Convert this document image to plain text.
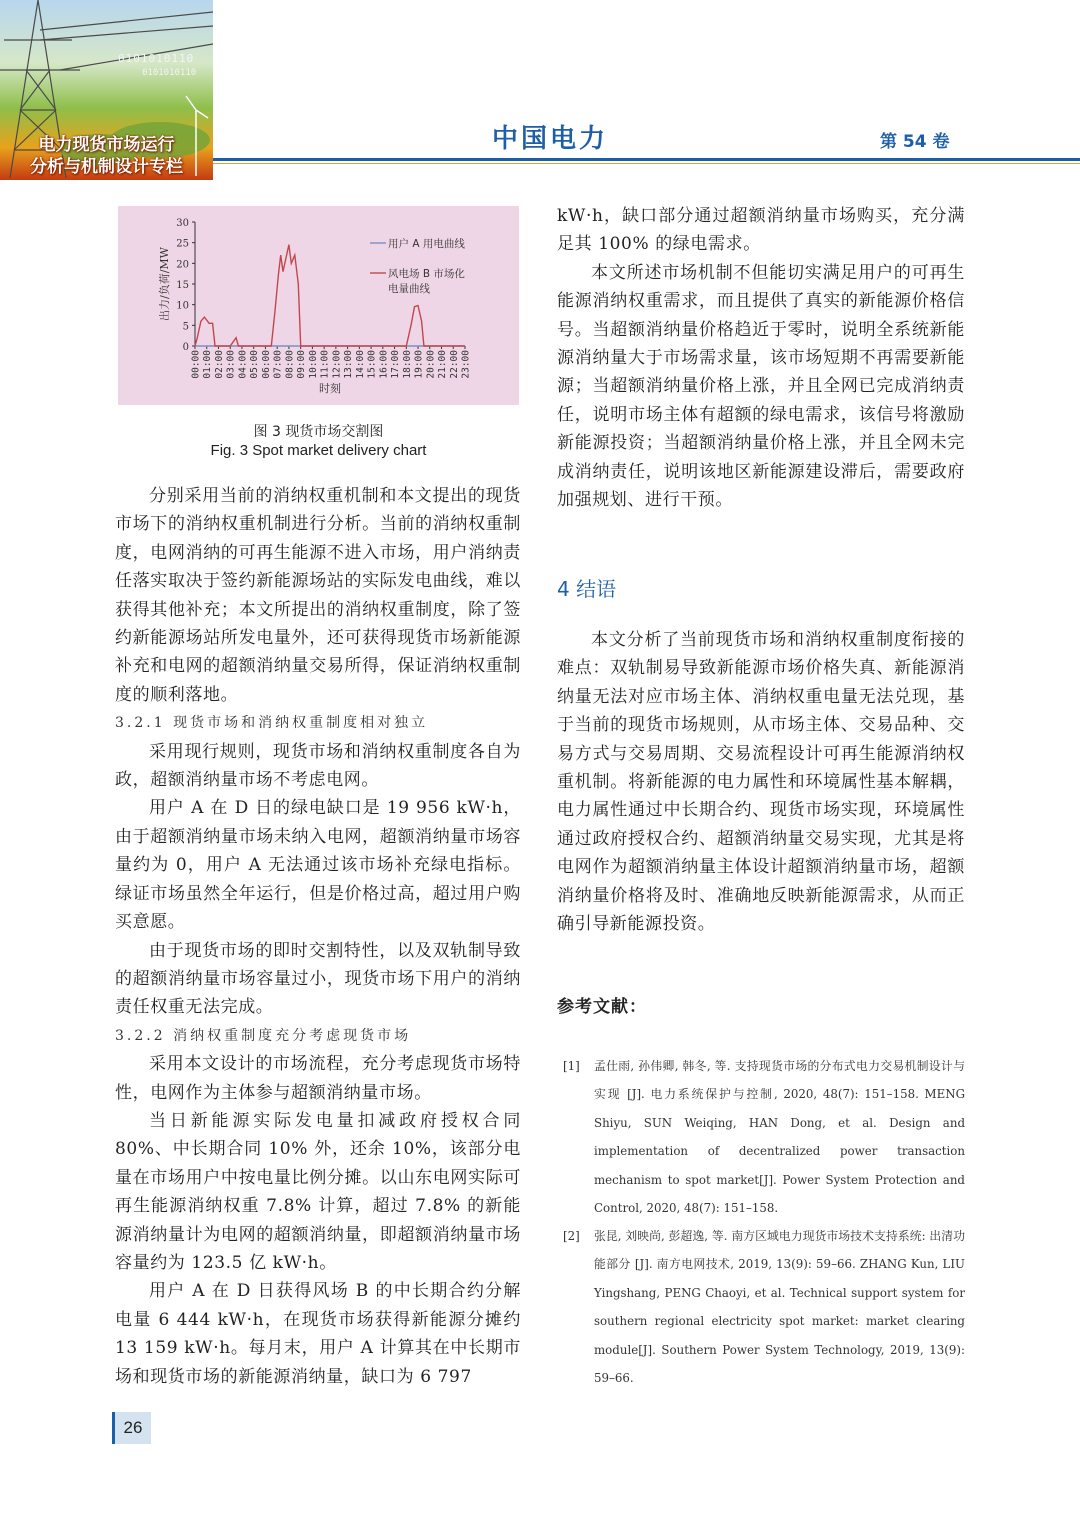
0101010110
0101010110
电力现货市场运行
分析与机制设计专栏
中国电力	第 54 卷
0
5
10
15
20
25
30
00:00 01:00 02:00 03:00 04:00 05:00 06:00 07:00 08:00 09:00 10:00 11:00 12:00 13:00 14:00 15:00 16:00 17:00 18:00 19:00 20:00 21:00 22:00 23:00
出力/负荷/MW
时刻
用户 A 用电曲线
风电场 B 市场化
电量曲线
图 3 现货市场交割图
Fig. 3 Spot market delivery chart

分别采用当前的消纳权重机制和本文提出的现货市场下的消纳权重机制进行分析。当前的消纳权重制度，电网消纳的可再生能源不进入市场，用户消纳责任落实取决于签约新能源场站的实际发电曲线，难以获得其他补充；本文所提出的消纳权重制度，除了签约新能源场站所发电量外，还可获得现货市场新能源补充和电网的超额消纳量交易所得，保证消纳权重制度的顺利落地。

3.2.1 现货市场和消纳权重制度相对独立

采用现行规则，现货市场和消纳权重制度各自为政，超额消纳量市场不考虑电网。

用户 A 在 D 日的绿电缺口是 19 956 kW·h，由于超额消纳量市场未纳入电网，超额消纳量市场容量约为 0，用户 A 无法通过该市场补充绿电指标。绿证市场虽然全年运行，但是价格过高，超过用户购买意愿。

由于现货市场的即时交割特性，以及双轨制导致的超额消纳量市场容量过小，现货市场下用户的消纳责任权重无法完成。

3.2.2 消纳权重制度充分考虑现货市场

采用本文设计的市场流程，充分考虑现货市场特性，电网作为主体参与超额消纳量市场。

当日新能源实际发电量扣减政府授权合同 80%、中长期合同 10% 外，还余 10%，该部分电量在市场用户中按电量比例分摊。以山东电网实际可再生能源消纳权重 7.8% 计算，超过 7.8% 的新能源消纳量计为电网的超额消纳量，即超额消纳量市场容量约为 123.5 亿 kW·h。

用户 A 在 D 日获得风场 B 的中长期合约分解电量 6 444 kW·h，在现货市场获得新能源分摊约 13 159 kW·h。每月末，用户 A 计算其在中长期市场和现货市场的新能源消纳量，缺口为 6 797

kW·h，缺口部分通过超额消纳量市场购买，充分满足其 100% 的绿电需求。

本文所述市场机制不但能切实满足用户的可再生能源消纳权重需求，而且提供了真实的新能源价格信号。当超额消纳量价格趋近于零时，说明全系统新能源消纳量大于市场需求量，该市场短期不再需要新能源；当超额消纳量价格上涨，并且全网已完成消纳责任，说明市场主体有超额的绿电需求，该信号将激励新能源投资；当超额消纳量价格上涨，并且全网未完成消纳责任，说明该地区新能源建设滞后，需要政府加强规划、进行干预。

4 结语

本文分析了当前现货市场和消纳权重制度衔接的难点：双轨制易导致新能源市场价格失真、新能源消纳量无法对应市场主体、消纳权重电量无法兑现，基于当前的现货市场规则，从市场主体、交易品种、交易方式与交易周期、交易流程设计可再生能源消纳权重机制。将新能源的电力属性和环境属性基本解耦，电力属性通过中长期合约、现货市场实现，环境属性通过政府授权合约、超额消纳量交易实现，尤其是将电网作为超额消纳量主体设计超额消纳量市场，超额消纳量价格将及时、准确地反映新能源需求，从而正确引导新能源投资。

参考文献：
[1] 孟仕雨, 孙伟卿, 韩冬, 等. 支持现货市场的分布式电力交易机制设计与实现 [J]. 电力系统保护与控制, 2020, 48(7): 151–158. MENG Shiyu, SUN Weiqing, HAN Dong, et al. Design and implementation of decentralized power transaction mechanism to spot market[J]. Power System Protection and Control, 2020, 48(7): 151–158.
[2] 张昆, 刘映尚, 彭超逸, 等. 南方区域电力现货市场技术支持系统: 出清功能部分 [J]. 南方电网技术, 2019, 13(9): 59–66. ZHANG Kun, LIU Yingshang, PENG Chaoyi, et al. Technical support system for southern regional electricity spot market: market clearing module[J]. Southern Power System Technology, 2019, 13(9): 59–66.
26
